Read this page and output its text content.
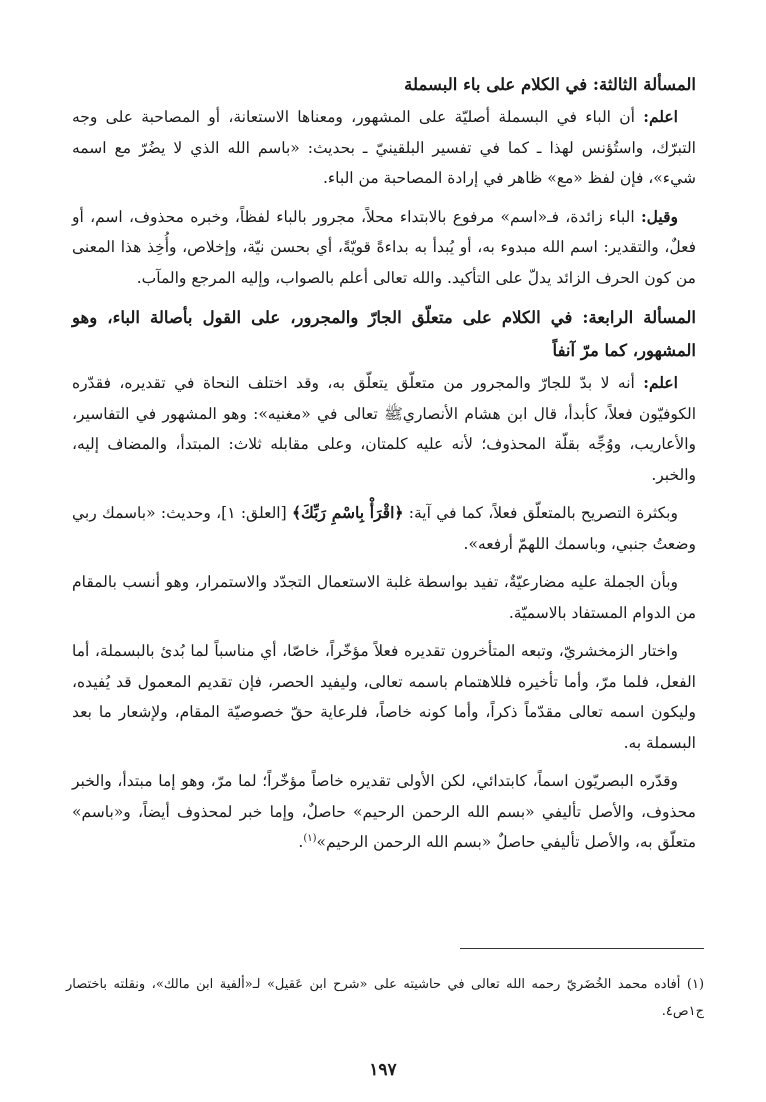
المسألة الثالثة: في الكلام على باء البسملة

اعلم: أن الباء في البسملة أصليّة على المشهور، ومعناها الاستعانة، أو المصاحبة على وجه التبرّك، واستُؤنس لهذا ـ كما في تفسير البلقينيّ ـ بحديث: «باسم الله الذي لا يضُرّ مع اسمه شيء»، فإن لفظ «مع» ظاهر في إرادة المصاحبة من الباء.

وقيل: الباء زائدة، فـ«اسم» مرفوع بالابتداء محلاً، مجرور بالباء لفظاً، وخبره محذوف، اسم، أو فعلٌ، والتقدير: اسم الله مبدوء به، أو يُبدأ به بداءةً قويّةً، أي بحسن نيّة، وإخلاص، وأُخِذ هذا المعنى من كون الحرف الزائد يدلّ على التأكيد. والله تعالى أعلم بالصواب، وإليه المرجع والمآب.

المسألة الرابعة: في الكلام على متعلّق الجارّ والمجرور، على القول بأصالة الباء، وهو المشهور، كما مرّ آنفاً

اعلم: أنه لا بدّ للجارّ والمجرور من متعلّق يتعلّق به، وقد اختلف النحاة في تقديره، فقدّره الكوفيّون فعلاً، كأبدأ، قال ابن هشام الأنصاريﷺ تعالى في «مغنيه»: وهو المشهور في التفاسير، والأعاريب، ووُجِّه بقلّة المحذوف؛ لأنه عليه كلمتان، وعلى مقابله ثلاث: المبتدأ، والمضاف إليه، والخبر.

وبكثرة التصريح بالمتعلّق فعلاً، كما في آية: ﴿اقْرَأْ بِاسْمِ رَبِّكَ﴾ [العلق: ١]، وحديث: «باسمك ربي وضعتُ جنبي، وباسمك اللهمّ أرفعه».

وبأن الجملة عليه مضارعيّةٌ، تفيد بواسطة غلبة الاستعمال التجدّد والاستمرار، وهو أنسب بالمقام من الدوام المستفاد بالاسميّة.

واختار الزمخشريّ، وتبعه المتأخرون تقديره فعلاً مؤخّراً، خاصّا، أي مناسباً لما بُدئ بالبسملة، أما الفعل، فلما مرّ، وأما تأخيره فللاهتمام باسمه تعالى، وليفيد الحصر، فإن تقديم المعمول قد يُفيده، وليكون اسمه تعالى مقدّماً ذكراً، وأما كونه خاصاً، فلرعاية حقّ خصوصيّة المقام، ولإشعار ما بعد البسملة به.

وقدّره البصريّون اسماً، كابتدائي، لكن الأولى تقديره خاصاً مؤخّراً؛ لما مرّ، وهو إما مبتدأ، والخبر محذوف، والأصل تأليفي «بسم الله الرحمن الرحيم» حاصلٌ، وإما خبر لمحذوف أيضاً، و«باسم» متعلّق به، والأصل تأليفي حاصلٌ «بسم الله الرحمن الرحيم»$^{(١)}$.

(١) أفاده محمد الخُضَريّ رحمه الله تعالى في حاشيته على «شرح ابن عَقيل» لـ«ألفية ابن مالك»، ونقلته باختصار ج١ص٤.

١٩٧
